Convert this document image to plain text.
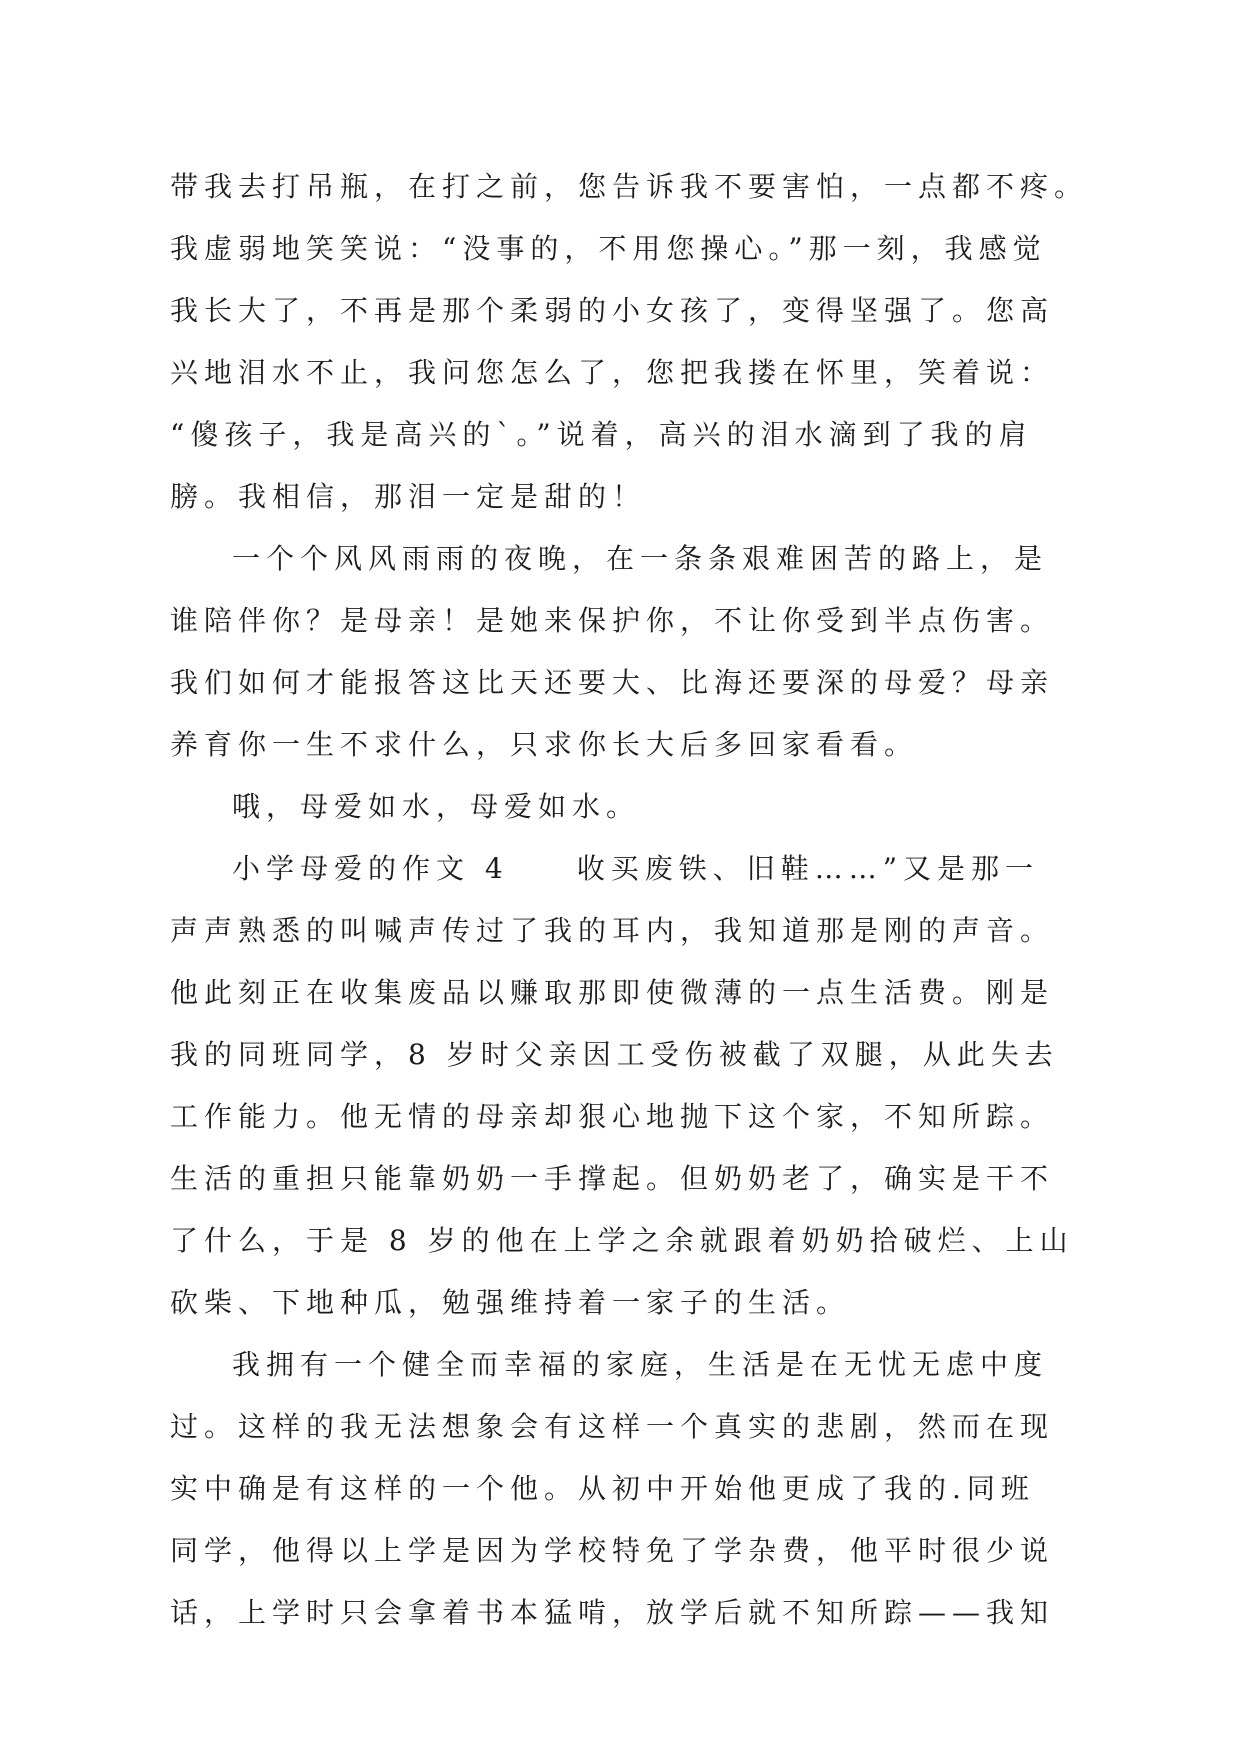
带我去打吊瓶，在打之前，您告诉我不要害怕，一点都不疼。
我虚弱地笑笑说：“没事的，不用您操心。”那一刻，我感觉
我长大了，不再是那个柔弱的小女孩了，变得坚强了。您高
兴地泪水不止，我问您怎么了，您把我搂在怀里，笑着说：
“傻孩子，我是高兴的`。”说着，高兴的泪水滴到了我的肩
膀。我相信，那泪一定是甜的！
一个个风风雨雨的夜晚，在一条条艰难困苦的路上，是
谁陪伴你？是母亲！是她来保护你，不让你受到半点伤害。
我们如何才能报答这比天还要大、比海还要深的母爱？母亲
养育你一生不求什么，只求你长大后多回家看看。
哦，母爱如水，母爱如水。
小学母爱的作文 4　　收买废铁、旧鞋……”又是那一
声声熟悉的叫喊声传过了我的耳内，我知道那是刚的声音。
他此刻正在收集废品以赚取那即使微薄的一点生活费。刚是
我的同班同学，8 岁时父亲因工受伤被截了双腿，从此失去
工作能力。他无情的母亲却狠心地抛下这个家，不知所踪。
生活的重担只能靠奶奶一手撑起。但奶奶老了，确实是干不
了什么，于是 8 岁的他在上学之余就跟着奶奶拾破烂、上山
砍柴、下地种瓜，勉强维持着一家子的生活。
我拥有一个健全而幸福的家庭，生活是在无忧无虑中度
过。这样的我无法想象会有这样一个真实的悲剧，然而在现
实中确是有这样的一个他。从初中开始他更成了我的.同班
同学，他得以上学是因为学校特免了学杂费，他平时很少说
话，上学时只会拿着书本猛啃，放学后就不知所踪——我知
